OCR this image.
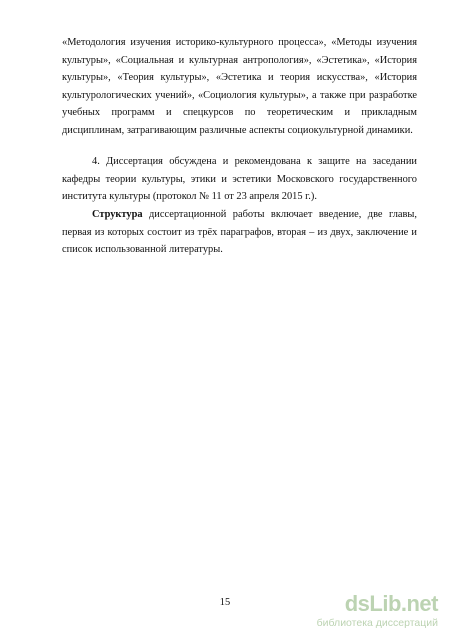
«Методология изучения историко-культурного процесса», «Методы изучения культуры», «Социальная и культурная антропология», «Эстетика», «История культуры», «Теория культуры», «Эстетика и теория искусства», «История культурологических учений», «Социология культуры», а также при разработке учебных программ и спецкурсов по теоретическим и прикладным дисциплинам, затрагивающим различные аспекты социокультурной динамики.

4. Диссертация обсуждена и рекомендована к защите на заседании кафедры теории культуры, этики и эстетики Московского государственного института культуры (протокол № 11 от 23 апреля 2015 г.).

Структура диссертационной работы включает введение, две главы, первая из которых состоит из трёх параграфов, вторая – из двух, заключение и список использованной литературы.

15	dsLib.net
библиотека диссертаций
